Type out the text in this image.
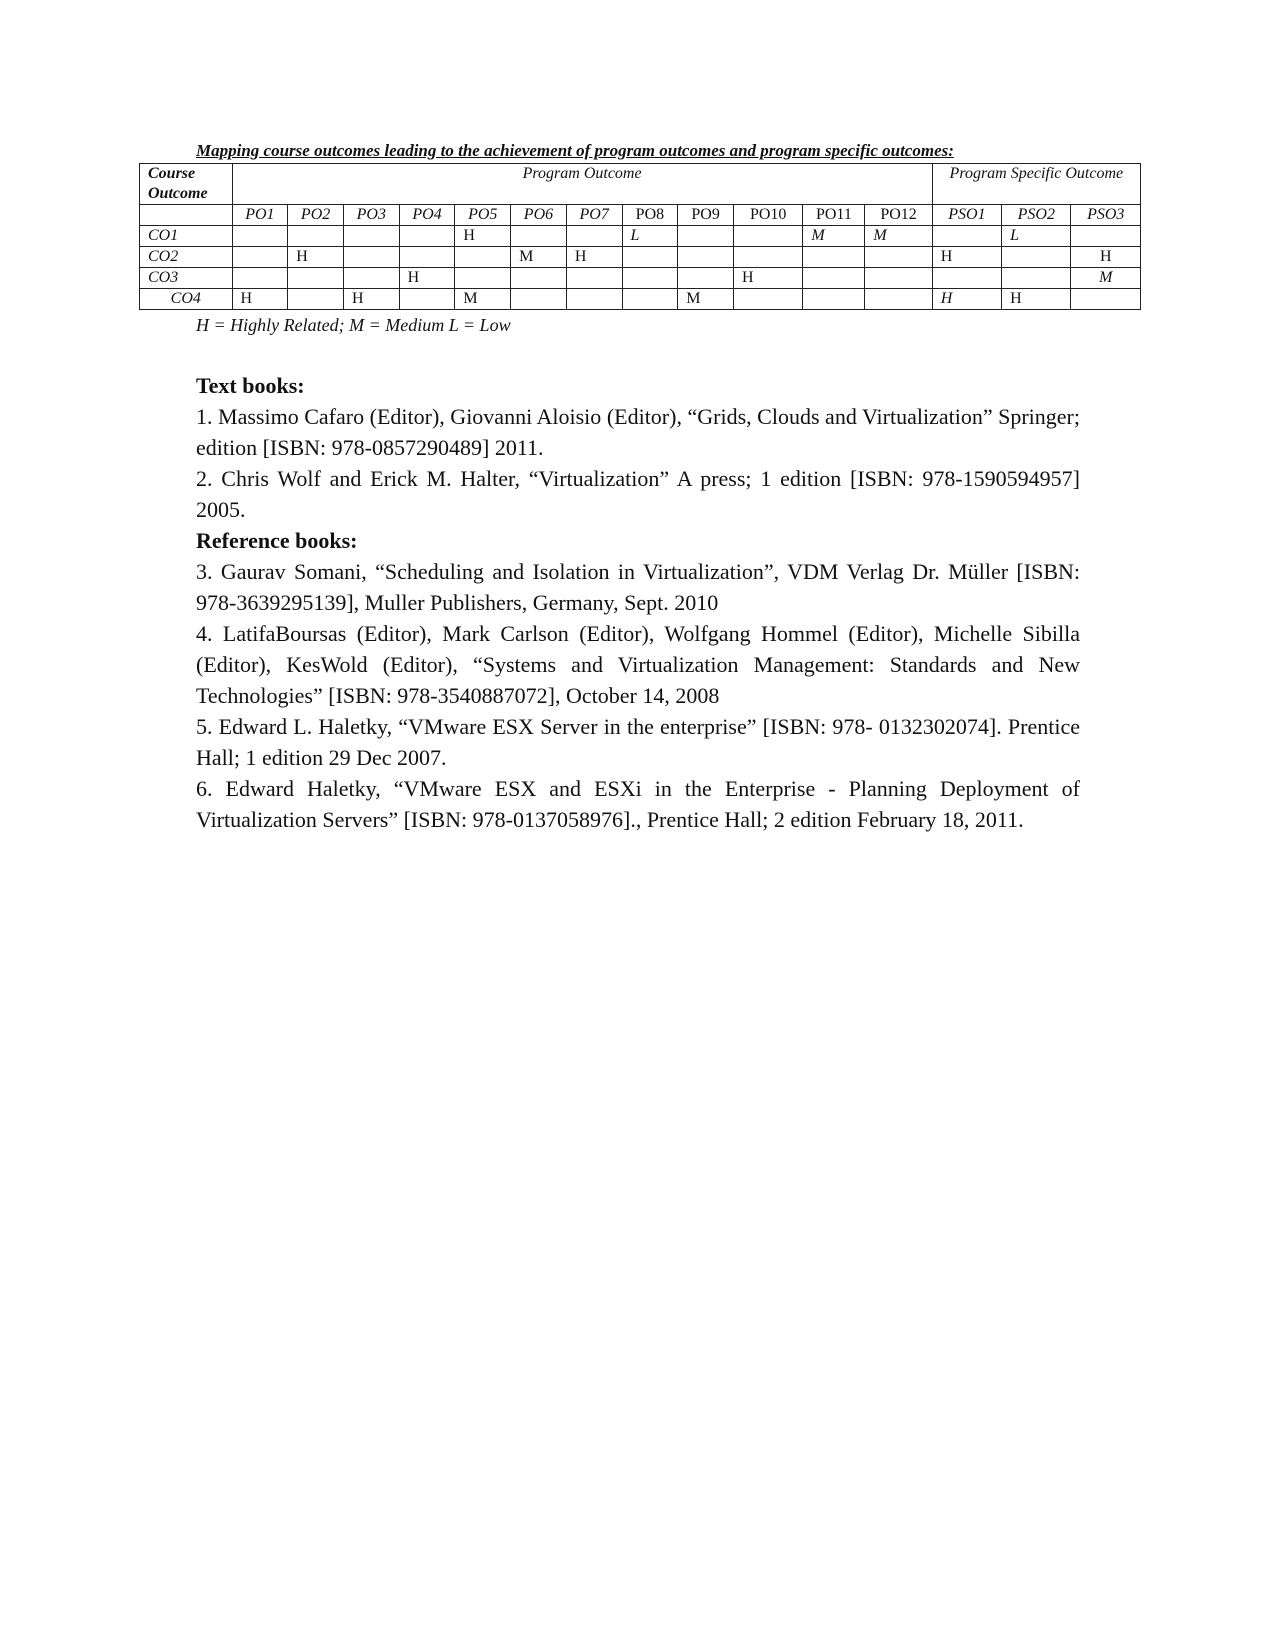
Mapping course outcomes leading to the achievement of program outcomes and program specific outcomes:
Course Outcome	Program Outcome												Program Specific Outcome		
	PO1	PO2	PO3	PO4	PO5	PO6	PO7	PO8	PO9	PO10	PO11	PO12	PSO1	PSO2	PSO3
CO1					H			L			M	M		L	
CO2		H				M	H						H		H
CO3				H						H					M
CO4	H		H		M				M				H	H	
H = Highly Related; M = Medium L = Low
Text books:

1. Massimo Cafaro (Editor), Giovanni Aloisio (Editor), “Grids, Clouds and Virtualization” Springer; edition [ISBN: 978-0857290489] 2011.

2. Chris Wolf and Erick M. Halter, “Virtualization” A press; 1 edition [ISBN: 978-1590594957] 2005.

Reference books:

3. Gaurav Somani, “Scheduling and Isolation in Virtualization”, VDM Verlag Dr. Müller [ISBN: 978-3639295139], Muller Publishers, Germany, Sept. 2010

4. LatifaBoursas (Editor), Mark Carlson (Editor), Wolfgang Hommel (Editor), Michelle Sibilla (Editor), KesWold (Editor), “Systems and Virtualization Management: Standards and New Technologies” [ISBN: 978-3540887072], October 14, 2008

5. Edward L. Haletky, “VMware ESX Server in the enterprise” [ISBN: 978- 0132302074]. Prentice Hall; 1 edition 29 Dec 2007.

6. Edward Haletky, “VMware ESX and ESXi in the Enterprise - Planning Deployment of Virtualization Servers” [ISBN: 978-0137058976]., Prentice Hall; 2 edition February 18, 2011.
